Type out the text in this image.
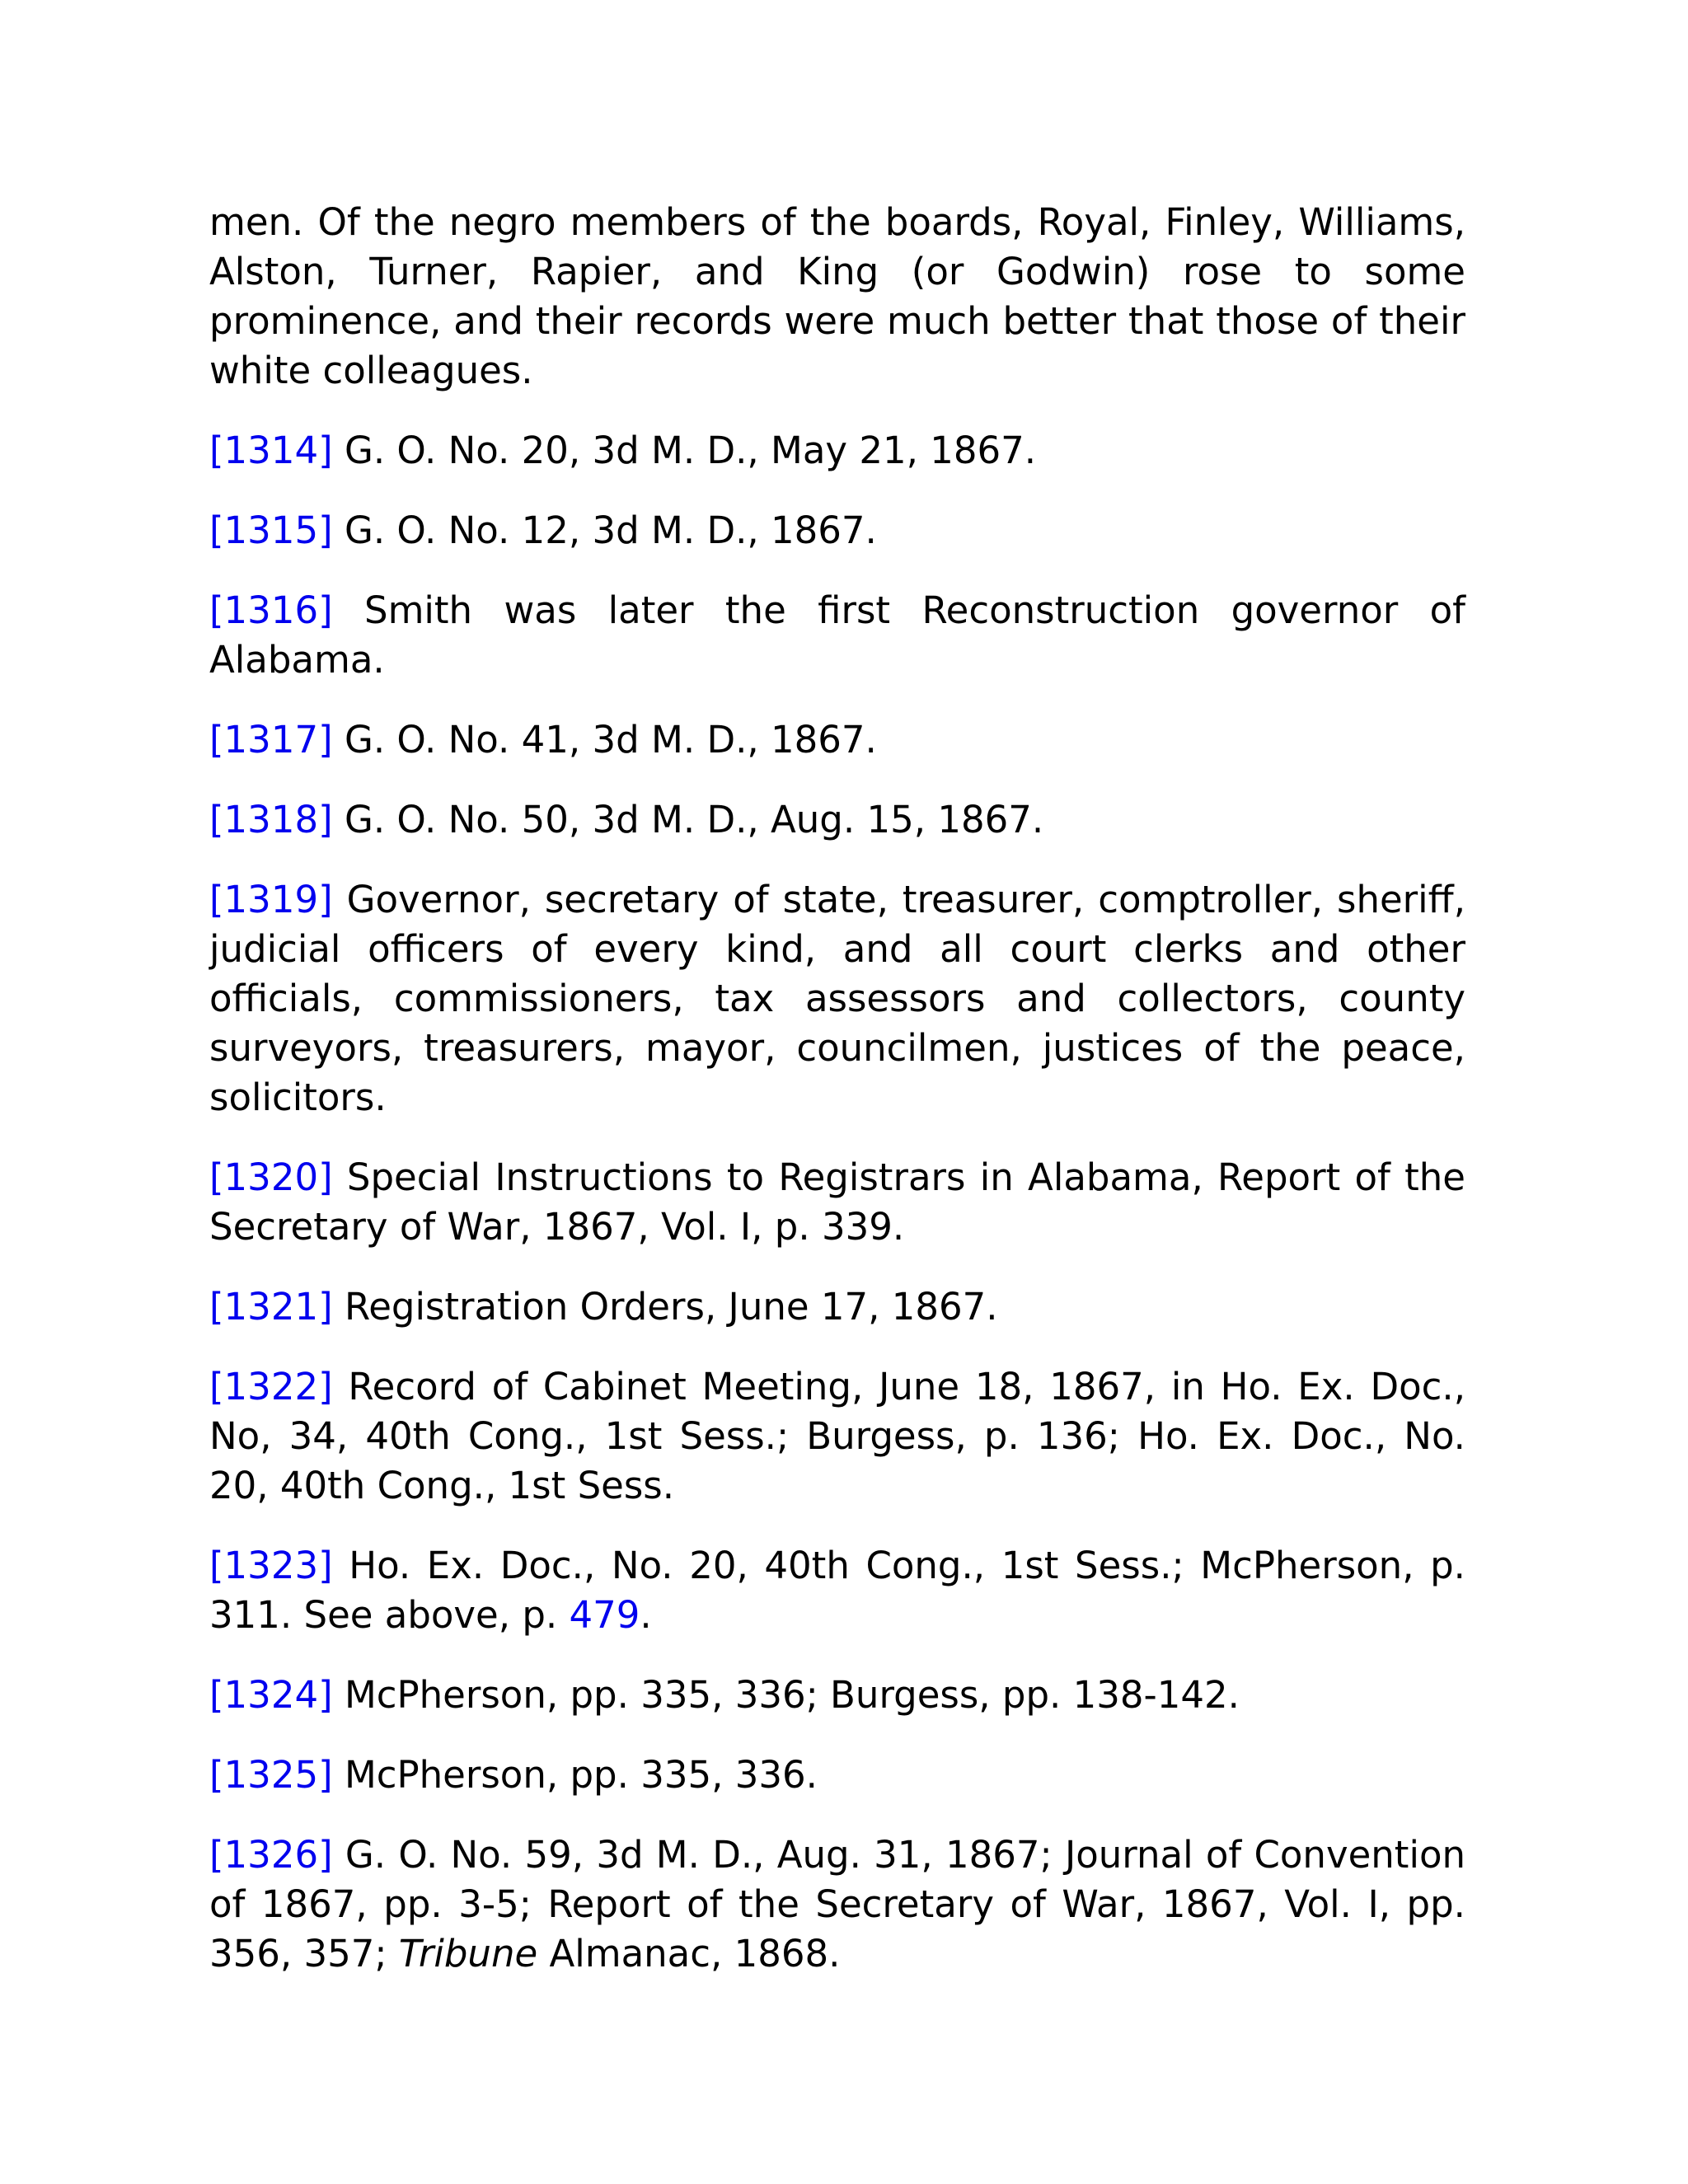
men. Of the negro members of the boards, Royal, Finley, Williams, Alston, Turner, Rapier, and King (or Godwin) rose to some prominence, and their records were much better that those of their white colleagues.

[1314] G. O. No. 20, 3d M. D., May 21, 1867.

[1315] G. O. No. 12, 3d M. D., 1867.

[1316] Smith was later the first Reconstruction governor of Alabama.

[1317] G. O. No. 41, 3d M. D., 1867.

[1318] G. O. No. 50, 3d M. D., Aug. 15, 1867.

[1319] Governor, secretary of state, treasurer, comptroller, sheriff, judicial officers of every kind, and all court clerks and other officials, commissioners, tax assessors and collectors, county surveyors, treasurers, mayor, councilmen, justices of the peace, solicitors.

[1320] Special Instructions to Registrars in Alabama, Report of the Secretary of War, 1867, Vol. I, p. 339.

[1321] Registration Orders, June 17, 1867.

[1322] Record of Cabinet Meeting, June 18, 1867, in Ho. Ex. Doc., No, 34, 40th Cong., 1st Sess.; Burgess, p. 136; Ho. Ex. Doc., No. 20, 40th Cong., 1st Sess.

[1323] Ho. Ex. Doc., No. 20, 40th Cong., 1st Sess.; McPherson, p. 311. See above, p. 479.

[1324] McPherson, pp. 335, 336; Burgess, pp. 138-142.

[1325] McPherson, pp. 335, 336.

[1326] G. O. No. 59, 3d M. D., Aug. 31, 1867; Journal of Convention of 1867, pp. 3-5; Report of the Secretary of War, 1867, Vol. I, pp. 356, 357; Tribune Almanac, 1868.
